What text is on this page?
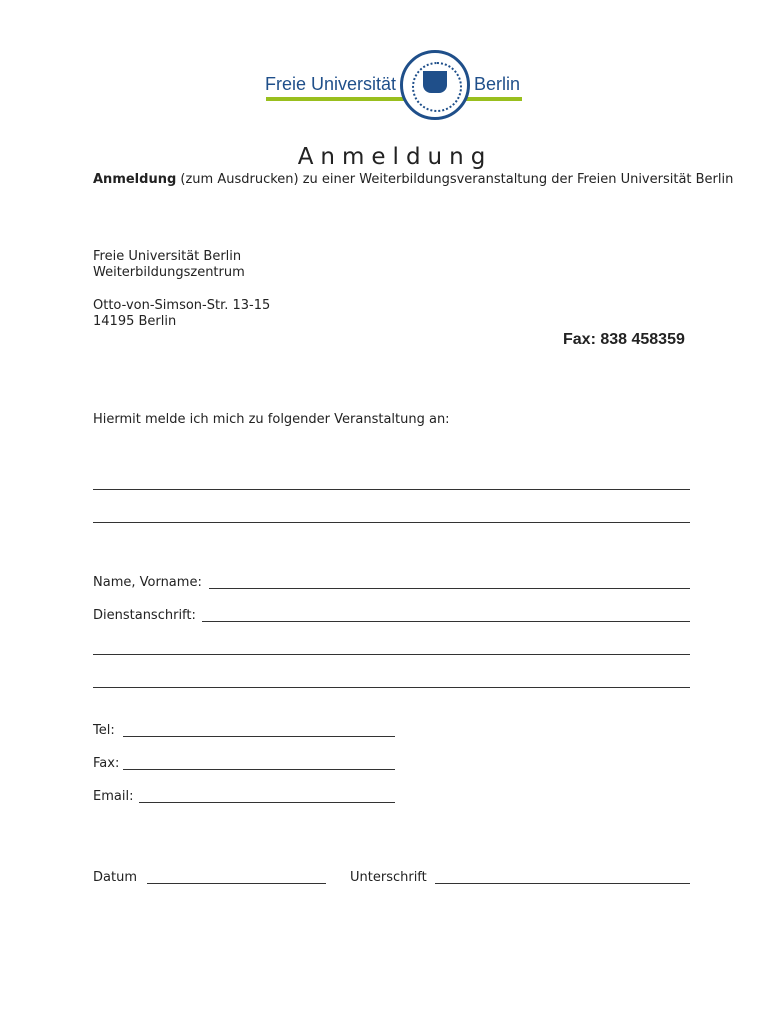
Freie Universität	Berlin
Anmeldung
Anmeldung (zum Ausdrucken) zu einer Weiterbildungsveranstaltung der Freien Universität Berlin
Freie Universität Berlin
Weiterbildungszentrum
Otto-von-Simson-Str. 13-15
14195 Berlin
Fax: 838 458359
Hiermit melde ich mich zu folgender Veranstaltung an:
Name, Vorname:
Dienstanschrift:
Tel:
Fax:
Email:
Datum	Unterschrift
